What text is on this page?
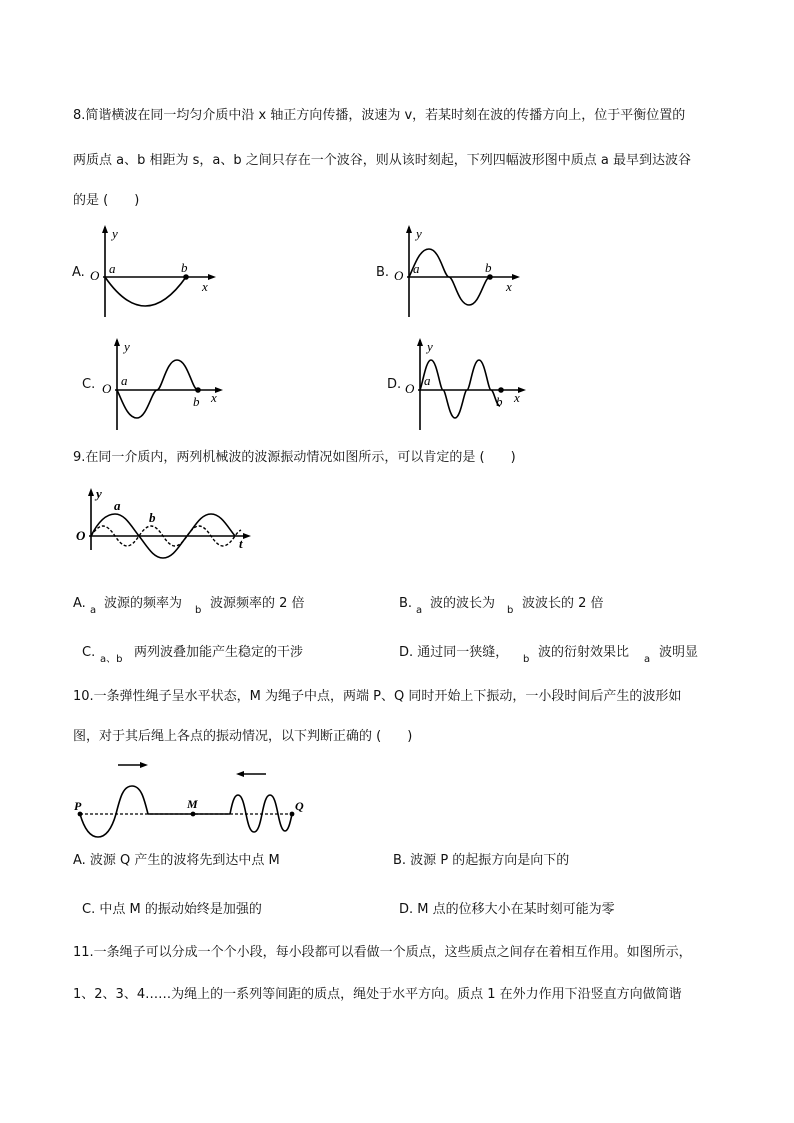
8.简谐横波在同一均匀介质中沿 x 轴正方向传播，波速为 v，若某时刻在波的传播方向上，位于平衡位置的
两质点 a、b 相距为 s，a、b 之间只存在一个波谷，则从该时刻起，下列四幅波形图中质点 a 最早到达波谷
的是 (　　)
A.
y
O a	b
x
B.
y
O a	b
x
C.
y
O
a
b x
D.
y
O
a
b x
9.在同一介质内，两列机械波的波源振动情况如图所示，可以肯定的是 (　　)
y
O
a
b
t
A. a 波源的频率为 b 波源频率的 2 倍	B. a 波的波长为 b 波波长的 2 倍
C. a、b 两列波叠加能产生稳定的干涉	D. 通过同一狭缝， b 波的衍射效果比 a 波明显
10.一条弹性绳子呈水平状态，M 为绳子中点，两端 P、Q 同时开始上下振动，一小段时间后产生的波形如
图，对于其后绳上各点的振动情况，以下判断正确的 (　　)
P	M	Q
A. 波源 Q 产生的波将先到达中点 M	B. 波源 P 的起振方向是向下的
C. 中点 M 的振动始终是加强的	D. M 点的位移大小在某时刻可能为零
11.一条绳子可以分成一个个小段，每小段都可以看做一个质点，这些质点之间存在着相互作用。如图所示，
1、2、3、4……为绳上的一系列等间距的质点，绳处于水平方向。质点 1 在外力作用下沿竖直方向做简谐
